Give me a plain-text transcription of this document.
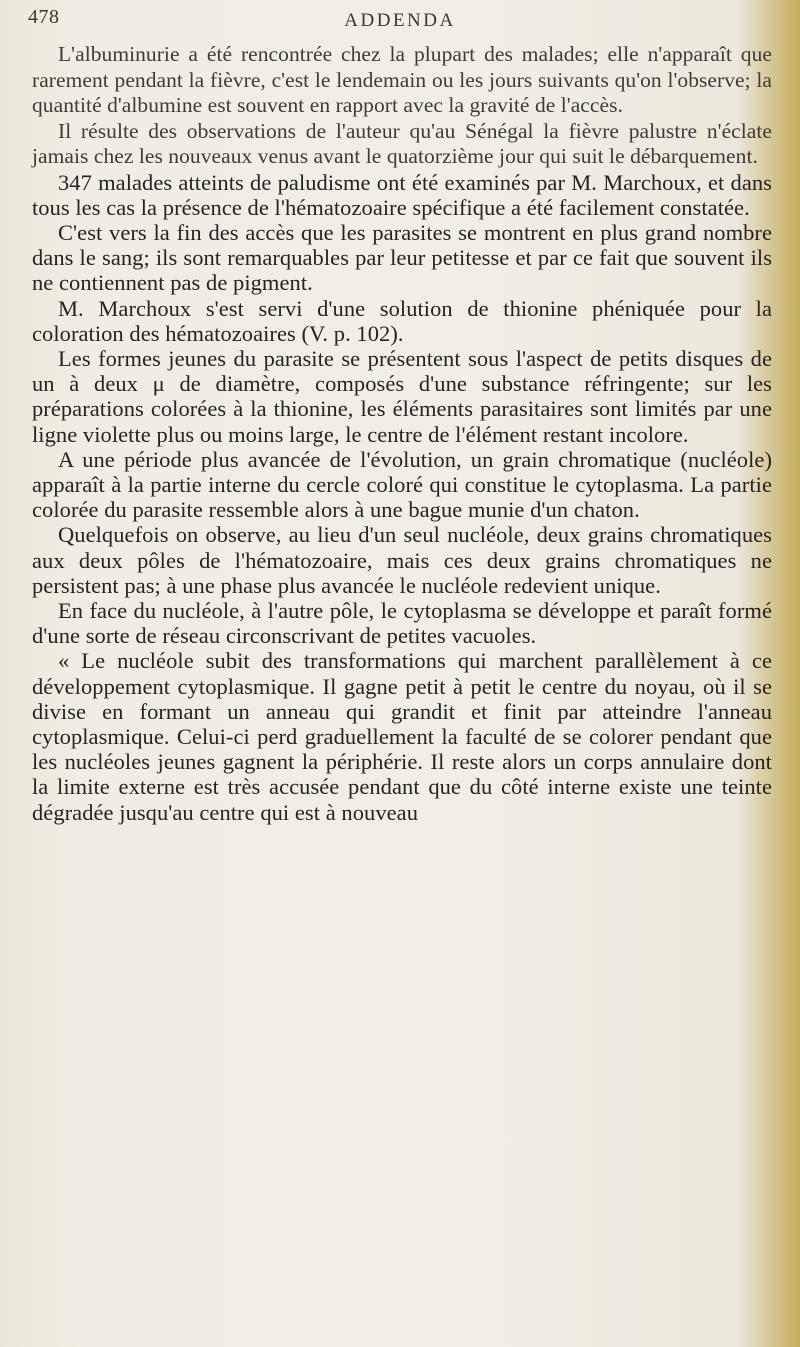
478	ADDENDA

L'albuminurie a été rencontrée chez la plupart des malades; elle n'apparaît que rarement pendant la fièvre, c'est le lendemain ou les jours suivants qu'on l'observe; la quantité d'albumine est souvent en rapport avec la gravité de l'accès.

Il résulte des observations de l'auteur qu'au Sénégal la fièvre palustre n'éclate jamais chez les nouveaux venus avant le quatorzième jour qui suit le débarquement.

347 malades atteints de paludisme ont été examinés par M. Marchoux, et dans tous les cas la présence de l'hématozoaire spécifique a été facilement constatée.

C'est vers la fin des accès que les parasites se montrent en plus grand nombre dans le sang; ils sont remarquables par leur petitesse et par ce fait que souvent ils ne contiennent pas de pigment.

M. Marchoux s'est servi d'une solution de thionine phéniquée pour la coloration des hématozoaires (V. p. 102).

Les formes jeunes du parasite se présentent sous l'aspect de petits disques de un à deux μ de diamètre, composés d'une substance réfringente; sur les préparations colorées à la thionine, les éléments parasitaires sont limités par une ligne violette plus ou moins large, le centre de l'élément restant incolore.

A une période plus avancée de l'évolution, un grain chromatique (nucléole) apparaît à la partie interne du cercle coloré qui constitue le cytoplasma. La partie colorée du parasite ressemble alors à une bague munie d'un chaton.

Quelquefois on observe, au lieu d'un seul nucléole, deux grains chromatiques aux deux pôles de l'hématozoaire, mais ces deux grains chromatiques ne persistent pas; à une phase plus avancée le nucléole redevient unique.

En face du nucléole, à l'autre pôle, le cytoplasma se développe et paraît formé d'une sorte de réseau circonscrivant de petites vacuoles.

« Le nucléole subit des transformations qui marchent parallèlement à ce développement cytoplasmique. Il gagne petit à petit le centre du noyau, où il se divise en formant un anneau qui grandit et finit par atteindre l'anneau cytoplasmique. Celui-ci perd graduellement la faculté de se colorer pendant que les nucléoles jeunes gagnent la périphérie. Il reste alors un corps annulaire dont la limite externe est très accusée pendant que du côté interne existe une teinte dégradée jusqu'au centre qui est à nouveau
